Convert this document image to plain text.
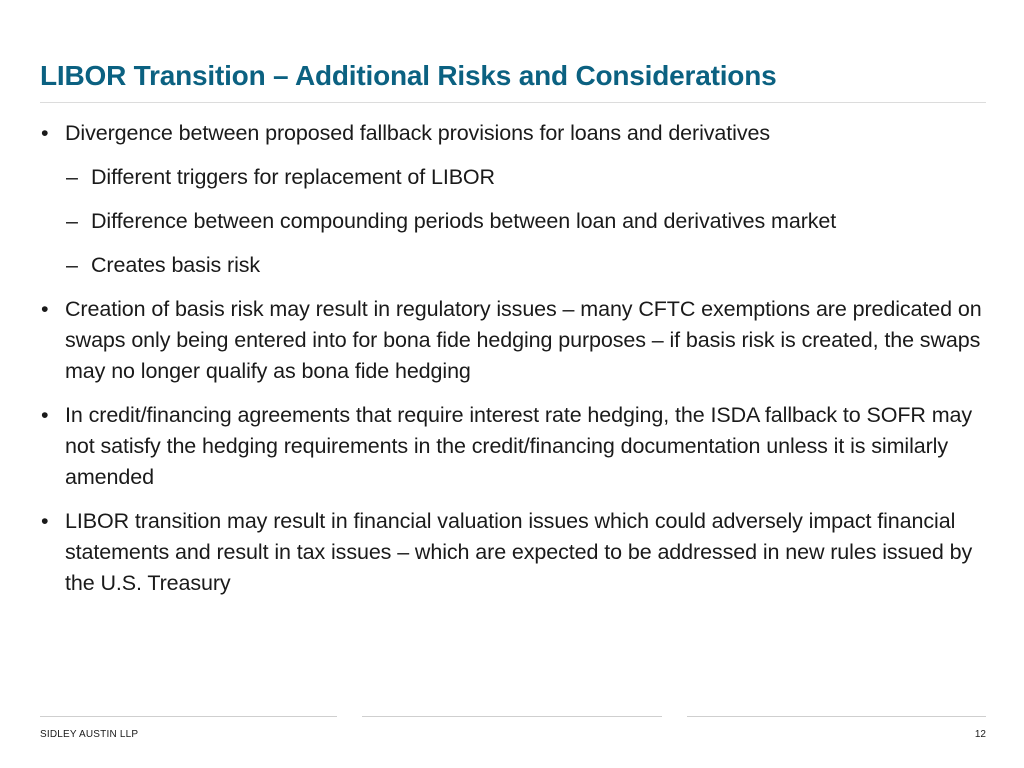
LIBOR Transition – Additional Risks and Considerations
• Divergence between proposed fallback provisions for loans and derivatives
– Different triggers for replacement of LIBOR
– Difference between compounding periods between loan and derivatives market
– Creates basis risk
• Creation of basis risk may result in regulatory issues – many CFTC exemptions are predicated on swaps only being entered into for bona fide hedging purposes – if basis risk is created, the swaps may no longer qualify as bona fide hedging
• In credit/financing agreements that require interest rate hedging, the ISDA fallback to SOFR may not satisfy the hedging requirements in the credit/financing documentation unless it is similarly amended
• LIBOR transition may result in financial valuation issues which could adversely impact financial statements and result in tax issues – which are expected to be addressed in new rules issued by the U.S. Treasury
SIDLEY AUSTIN LLP	12
